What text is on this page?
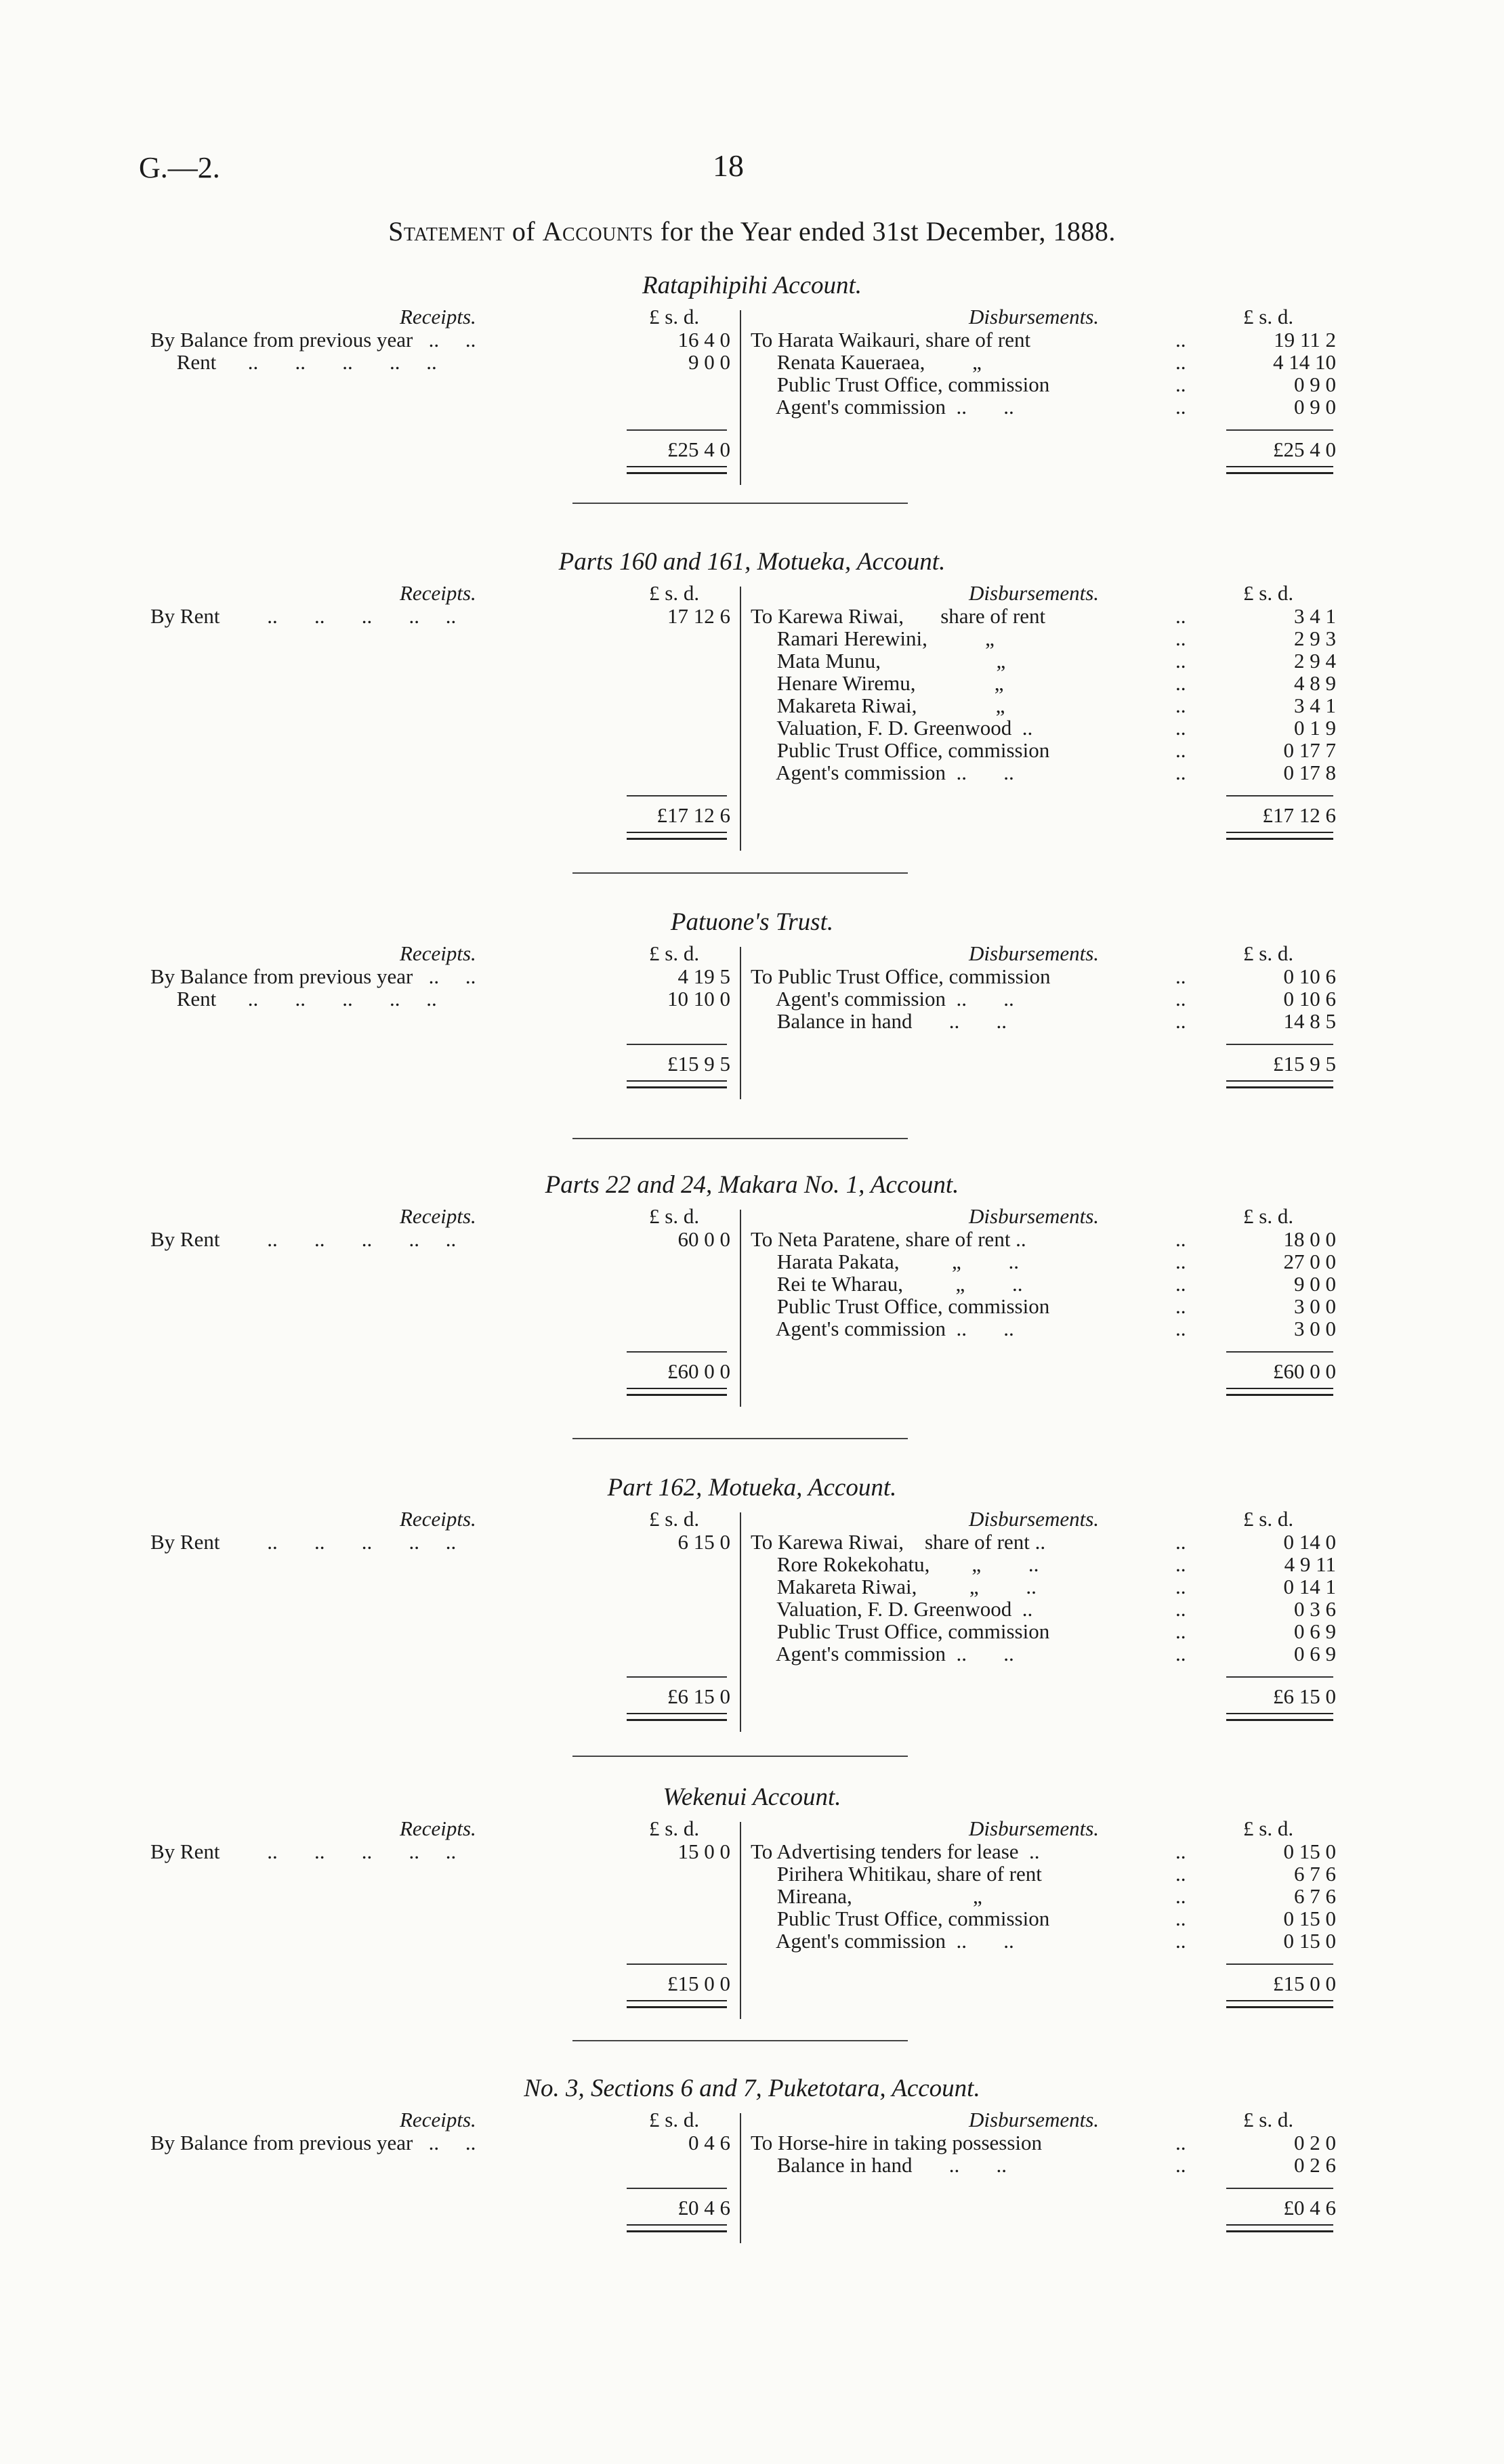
G.—2.	18
Statement of Accounts for the Year ended 31st December, 1888.
Ratapihipihi Account.
Receipts.	£ s. d.	Disbursements.	£ s. d.
By Balance from previous year   ..     ..	16 4 0
Rent      ..       ..       ..       ..     ..	9 0 0
To Harata Waikauri, share of rent	..	19 11 2
Renata Kaueraea,         „	..	4 14 10
Public Trust Office, commission	..	0 9 0
Agent's commission  ..       ..	..	0 9 0
£25 4 0	£25 4 0
Parts 160 and 161, Motueka, Account.
Receipts.	£ s. d.	Disbursements.	£ s. d.
By Rent         ..       ..       ..       ..     ..	17 12 6 To Karewa Riwai,       share of rent	..	3 4 1
Ramari Herewini,           „	..	2 9 3
Mata Munu,                      „	..	2 9 4
Henare Wiremu,               „	..	4 8 9
Makareta Riwai,               „	..	3 4 1
Valuation, F. D. Greenwood  ..	..	0 1 9
Public Trust Office, commission	..	0 17 7
Agent's commission  ..       ..	..	0 17 8
£17 12 6	£17 12 6
Patuone's Trust.
Receipts.	£ s. d.	Disbursements.	£ s. d.
By Balance from previous year   ..     ..	4 19 5
Rent      ..       ..       ..       ..     ..	10 10 0
To Public Trust Office, commission	..	0 10 6
Agent's commission  ..       ..	..	0 10 6
Balance in hand       ..       ..	..	14 8 5
£15 9 5	£15 9 5
Parts 22 and 24, Makara No. 1, Account.
Receipts.	£ s. d.	Disbursements.	£ s. d.
By Rent         ..       ..       ..       ..     ..	60 0 0 To Neta Paratene, share of rent ..	..	18 0 0
Harata Pakata,          „         ..	..	27 0 0
Rei te Wharau,          „         ..	..	9 0 0
Public Trust Office, commission	..	3 0 0
Agent's commission  ..       ..	..	3 0 0
£60 0 0	£60 0 0
Part 162, Motueka, Account.
Receipts.	£ s. d.	Disbursements.	£ s. d.
By Rent         ..       ..       ..       ..     ..	6 15 0 To Karewa Riwai,    share of rent ..	..	0 14 0
Rore Rokekohatu,        „         ..	..	4 9 11
Makareta Riwai,          „         ..	..	0 14 1
Valuation, F. D. Greenwood  ..	..	0 3 6
Public Trust Office, commission	..	0 6 9
Agent's commission  ..       ..	..	0 6 9
£6 15 0	£6 15 0
Wekenui Account.
Receipts.	£ s. d.	Disbursements.	£ s. d.
By Rent         ..       ..       ..       ..     ..	15 0 0 To Advertising tenders for lease  ..	..	0 15 0
Pirihera Whitikau, share of rent	..	6 7 6
Mireana,                       „	..	6 7 6
Public Trust Office, commission	..	0 15 0
Agent's commission  ..       ..	..	0 15 0
£15 0 0	£15 0 0
No. 3, Sections 6 and 7, Puketotara, Account.
Receipts.	£ s. d.	Disbursements.	£ s. d.
By Balance from previous year   ..     ..	0 4 6 To Horse-hire in taking possession	..	0 2 0
Balance in hand       ..       ..	..	0 2 6
£0 4 6	£0 4 6
